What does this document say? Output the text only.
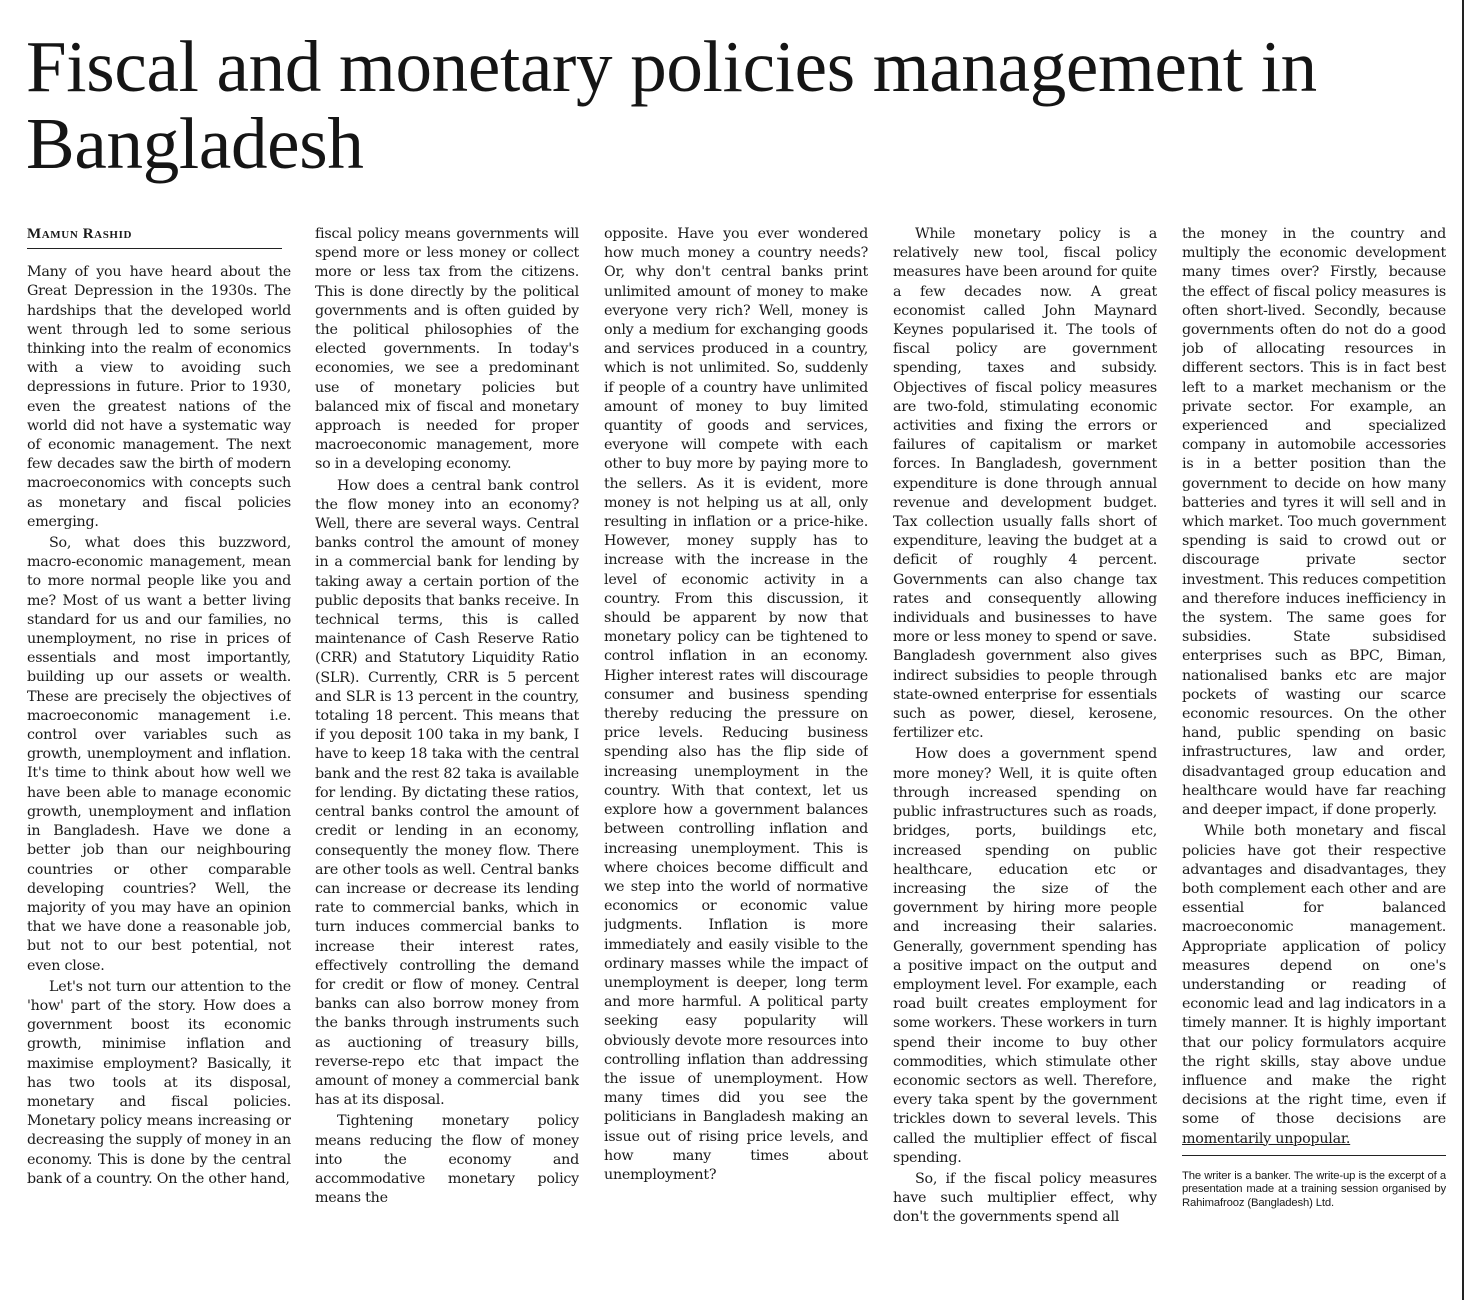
Fiscal and monetary policies management in Bangladesh
Mamun Rashid

Many of you have heard about the Great Depression in the 1930s. The hardships that the developed world went through led to some serious thinking into the realm of economics with a view to avoiding such depressions in future. Prior to 1930, even the greatest nations of the world did not have a systematic way of economic management. The next few decades saw the birth of modern macroeconomics with concepts such as monetary and fiscal policies emerging.

So, what does this buzzword, macro-economic management, mean to more normal people like you and me? Most of us want a better living standard for us and our families, no unemployment, no rise in prices of essentials and most importantly, building up our assets or wealth. These are precisely the objectives of macroeconomic management i.e. control over variables such as growth, unemployment and inflation. It's time to think about how well we have been able to manage economic growth, unemployment and inflation in Bangladesh. Have we done a better job than our neighbouring countries or other comparable developing countries? Well, the majority of you may have an opinion that we have done a reasonable job, but not to our best potential, not even close.

Let's not turn our attention to the 'how' part of the story. How does a government boost its economic growth, minimise inflation and maximise employment? Basically, it has two tools at its disposal, monetary and fiscal policies. Monetary policy means increasing or decreasing the supply of money in an economy. This is done by the central bank of a country. On the other hand,

fiscal policy means governments will spend more or less money or collect more or less tax from the citizens. This is done directly by the political governments and is often guided by the political philosophies of the elected governments. In today's economies, we see a predominant use of monetary policies but balanced mix of fiscal and monetary approach is needed for proper macroeconomic management, more so in a developing economy.

How does a central bank control the flow money into an economy? Well, there are several ways. Central banks control the amount of money in a commercial bank for lending by taking away a certain portion of the public deposits that banks receive. In technical terms, this is called maintenance of Cash Reserve Ratio (CRR) and Statutory Liquidity Ratio (SLR). Currently, CRR is 5 percent and SLR is 13 percent in the country, totaling 18 percent. This means that if you deposit 100 taka in my bank, I have to keep 18 taka with the central bank and the rest 82 taka is available for lending. By dictating these ratios, central banks control the amount of credit or lending in an economy, consequently the money flow. There are other tools as well. Central banks can increase or decrease its lending rate to commercial banks, which in turn induces commercial banks to increase their interest rates, effectively controlling the demand for credit or flow of money. Central banks can also borrow money from the banks through instruments such as auctioning of treasury bills, reverse-repo etc that impact the amount of money a commercial bank has at its disposal.

Tightening monetary policy means reducing the flow of money into the economy and accommodative monetary policy means the

opposite. Have you ever wondered how much money a country needs? Or, why don't central banks print unlimited amount of money to make everyone very rich? Well, money is only a medium for exchanging goods and services produced in a country, which is not unlimited. So, suddenly if people of a country have unlimited amount of money to buy limited quantity of goods and services, everyone will compete with each other to buy more by paying more to the sellers. As it is evident, more money is not helping us at all, only resulting in inflation or a price-hike. However, money supply has to increase with the increase in the level of economic activity in a country. From this discussion, it should be apparent by now that monetary policy can be tightened to control inflation in an economy. Higher interest rates will discourage consumer and business spending thereby reducing the pressure on price levels. Reducing business spending also has the flip side of increasing unemployment in the country. With that context, let us explore how a government balances between controlling inflation and increasing unemployment. This is where choices become difficult and we step into the world of normative economics or economic value judgments. Inflation is more immediately and easily visible to the ordinary masses while the impact of unemployment is deeper, long term and more harmful. A political party seeking easy popularity will obviously devote more resources into controlling inflation than addressing the issue of unemployment. How many times did you see the politicians in Bangladesh making an issue out of rising price levels, and how many times about unemployment?

While monetary policy is a relatively new tool, fiscal policy measures have been around for quite a few decades now. A great economist called John Maynard Keynes popularised it. The tools of fiscal policy are government spending, taxes and subsidy. Objectives of fiscal policy measures are two-fold, stimulating economic activities and fixing the errors or failures of capitalism or market forces. In Bangladesh, government expenditure is done through annual revenue and development budget. Tax collection usually falls short of expenditure, leaving the budget at a deficit of roughly 4 percent. Governments can also change tax rates and consequently allowing individuals and businesses to have more or less money to spend or save. Bangladesh government also gives indirect subsidies to people through state-owned enterprise for essentials such as power, diesel, kerosene, fertilizer etc.

How does a government spend more money? Well, it is quite often through increased spending on public infrastructures such as roads, bridges, ports, buildings etc, increased spending on public healthcare, education etc or increasing the size of the government by hiring more people and increasing their salaries. Generally, government spending has a positive impact on the output and employment level. For example, each road built creates employment for some workers. These workers in turn spend their income to buy other commodities, which stimulate other economic sectors as well. Therefore, every taka spent by the government trickles down to several levels. This called the multiplier effect of fiscal spending.

So, if the fiscal policy measures have such multiplier effect, why don't the governments spend all

the money in the country and multiply the economic development many times over? Firstly, because the effect of fiscal policy measures is often short-lived. Secondly, because governments often do not do a good job of allocating resources in different sectors. This is in fact best left to a market mechanism or the private sector. For example, an experienced and specialized company in automobile accessories is in a better position than the government to decide on how many batteries and tyres it will sell and in which market. Too much government spending is said to crowd out or discourage private sector investment. This reduces competition and therefore induces inefficiency in the system. The same goes for subsidies. State subsidised enterprises such as BPC, Biman, nationalised banks etc are major pockets of wasting our scarce economic resources. On the other hand, public spending on basic infrastructures, law and order, disadvantaged group education and healthcare would have far reaching and deeper impact, if done properly.

While both monetary and fiscal policies have got their respective advantages and disadvantages, they both complement each other and are essential for balanced macroeconomic management. Appropriate application of policy measures depend on one's understanding or reading of economic lead and lag indicators in a timely manner. It is highly important that our policy formulators acquire the right skills, stay above undue influence and make the right decisions at the right time, even if some of those decisions are momentarily unpopular.

The writer is a banker. The write-up is the excerpt of a presentation made at a training session organised by Rahimafrooz (Bangladesh) Ltd.
